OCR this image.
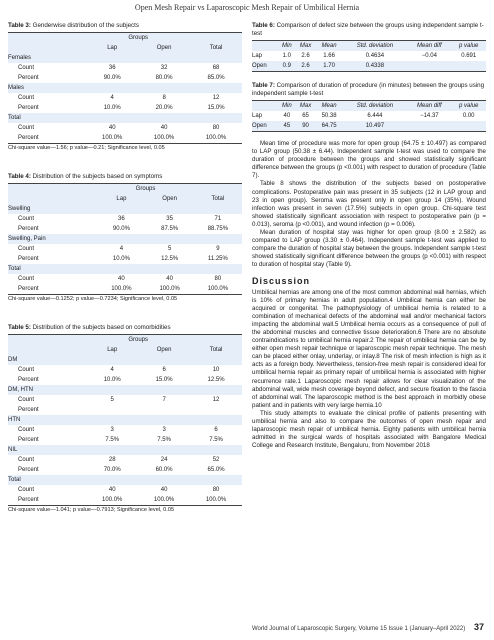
Open Mesh Repair vs Laparoscopic Mesh Repair of Umbilical Hernia
Table 3: Genderwise distribution of the subjects
	Groups		
	Lap	Open	Total
Females			
Count	36	32	68
Percent	90.0%	80.0%	85.0%
Males			
Count	4	8	12
Percent	10.0%	20.0%	15.0%
Total			
Count	40	40	80
Percent	100.0%	100.0%	100.0%
Chi-square value—1.56; p value—0.21; Significance level, 0.05
Table 4: Distribution of the subjects based on symptoms
	Groups		
	Lap	Open	Total
Swelling			
Count	36	35	71
Percent	90.0%	87.5%	88.75%
Swelling, Pain			
Count	4	5	9
Percent	10.0%	12.5%	11.25%
Total			
Count	40	40	80
Percent	100.0%	100.0%	100.0%
Chi-square value—0.1252; p value—0.7234; Significance level, 0.05
Table 5: Distribution of the subjects based on comorbidities
	Groups		
	Lap	Open	Total
DM			
Count	4	6	10
Percent	10.0%	15.0%	12.5%
DM, HTN			
Count	5	7	12
Percent			
HTN			
Count	3	3	6
Percent	7.5%	7.5%	7.5%
NIL			
Count	28	24	52
Percent	70.0%	60.0%	65.0%
Total			
Count	40	40	80
Percent	100.0%	100.0%	100.0%
Chi-square value—1.041; p value—0.7913; Significance level, 0.05
Table 6: Comparison of defect size between the groups using independent sample t-test
	Min	Max	Mean	Std. deviation	Mean diff	p value
Lap	1.0	2.6	1.66	0.4634	−0.04	0.691
Open	0.9	2.6	1.70	0.4338		
Table 7: Comparison of duration of procedure (in minutes) between the groups using independent sample t-test
	Min	Max	Mean	Std. deviation	Mean diff	p value
Lap	40	65	50.38	6.444	−14.37	0.00
Open	45	90	64.75	10.497		

Mean time of procedure was more for open group (64.75 ± 10.497) as compared to LAP group (50.38 ± 6.44). Independent sample t-test was used to compare the duration of procedure between the groups and showed statistically significant difference between the groups (p <0.001) with respect to duration of procedure (Table 7).

Table 8 shows the distribution of the subjects based on postoperative complications. Postoperative pain was present in 35 subjects (12 in LAP group and 23 in open group). Seroma was present only in open group 14 (35%). Wound infection was present in seven (17.5%) subjects in open group. Chi-square test showed statistically significant association with respect to postoperative pain (p = 0.013), seroma (p <0.001), and wound infection (p = 0.006).

Mean duration of hospital stay was higher for open group (8.00 ± 2.582) as compared to LAP group (3.30 ± 0.464). Independent sample t-test was applied to compare the duration of hospital stay between the groups. Independent sample t-test showed statistically significant difference between the groups (p <0.001) with respect to duration of hospital stay (Table 9).

Discussion

Umbilical hernias are among one of the most common abdominal wall hernias, which is 10% of primary hernias in adult population.4 Umbilical hernia can either be acquired or congenital. The pathophysiology of umbilical hernia is related to a combination of mechanical defects of the abdominal wall and/or mechanical factors impacting the abdominal wall.5 Umbilical hernia occurs as a consequence of pull of the abdominal muscles and connective tissue deterioration.6 There are no absolute contraindications to umbilical hernia repair.2 The repair of umbilical hernia can be by either open mesh repair technique or laparoscopic mesh repair technique. The mesh can be placed either onlay, underlay, or inlay.8 The risk of mesh infection is high as it acts as a foreign body. Nevertheless, tension-free mesh repair is considered ideal for umbilical hernia repair as primary repair of umbilical hernia is associated with higher recurrence rate.1 Laparoscopic mesh repair allows for clear visualization of the abdominal wall, wide mesh coverage beyond defect, and secure fixation to the fascia of abdominal wall. The laparoscopic method is the best approach in morbidly obese patient and in patients with very large hernia.10

This study attempts to evaluate the clinical profile of patients presenting with umbilical hernia and also to compare the outcomes of open mesh repair and laparoscopic mesh repair of umbilical hernia. Eighty patients with umbilical hernia admitted in the surgical wards of hospitals associated with Bangalore Medical College and Research Institute, Bengaluru, from November 2018

World Journal of Laparoscopic Surgery, Volume 15 Issue 1 (January–April 2022) 37
